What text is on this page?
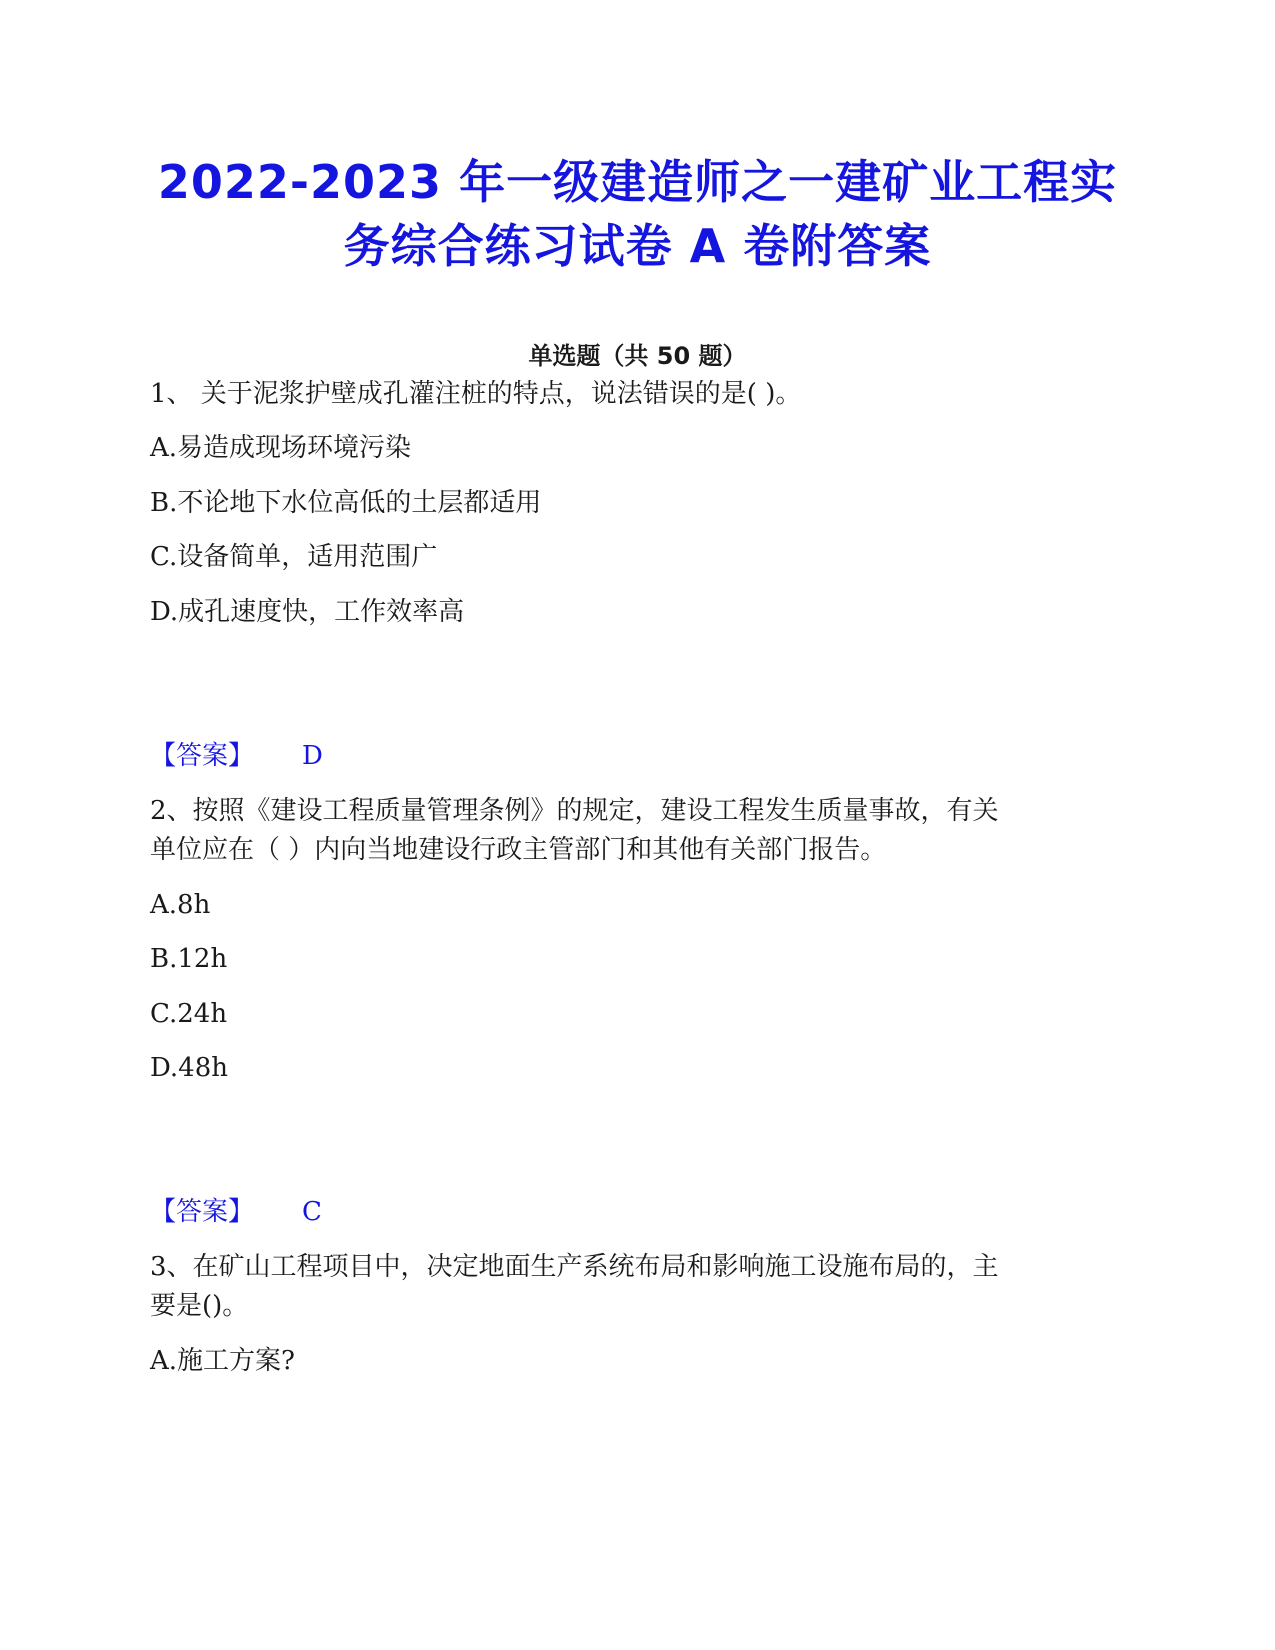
2022-2023 年一级建造师之一建矿业工程实
务综合练习试卷 A 卷附答案
单选题（共 50 题）
1、 关于泥浆护壁成孔灌注桩的特点，说法错误的是( )。
A.易造成现场环境污染
B.不论地下水位高低的土层都适用
C.设备简单，适用范围广
D.成孔速度快，工作效率高
【答案】 D
2、按照《建设工程质量管理条例》的规定，建设工程发生质量事故，有关
单位应在（ ）内向当地建设行政主管部门和其他有关部门报告。
A.8h
B.12h
C.24h
D.48h
【答案】 C
3、在矿山工程项目中，决定地面生产系统布局和影响施工设施布局的，主
要是()。
A.施工方案?
